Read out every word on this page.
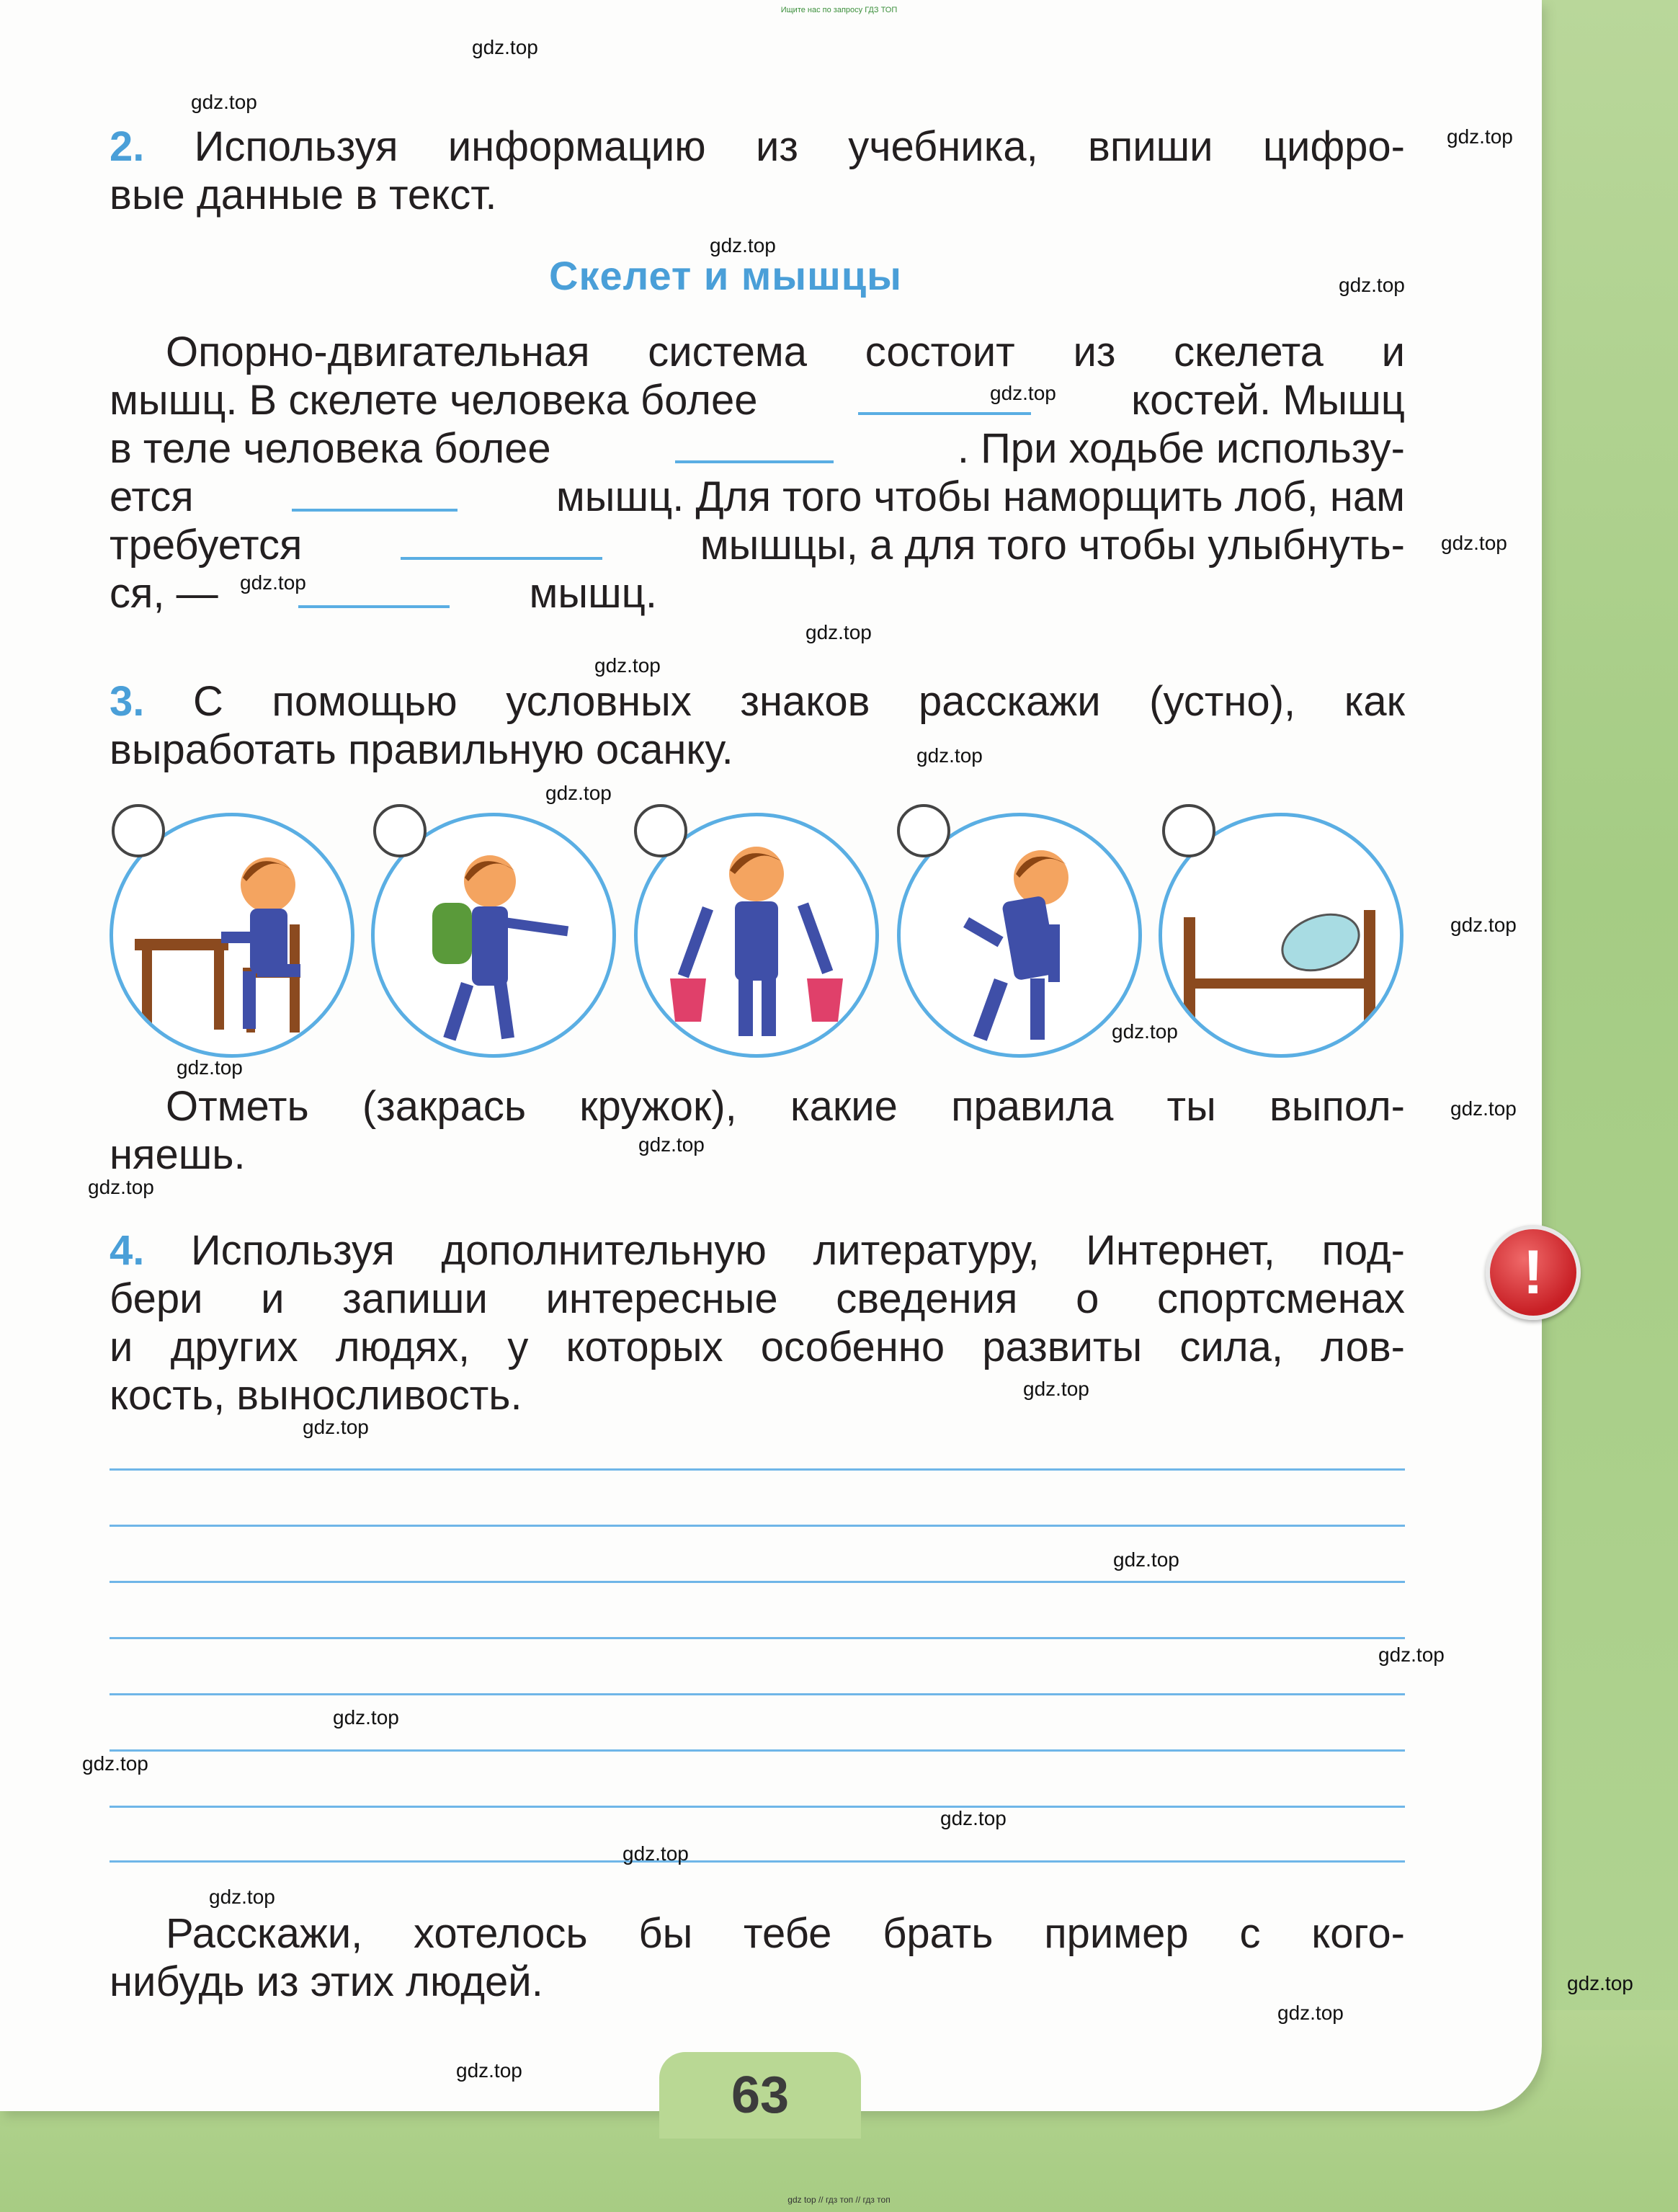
Ищите нас по запросу ГДЗ ТОП
2. Используя информацию из учебника, впиши цифро-
вые данные в текст.
Скелет и мышцы
Опорно-двигательная система состоит из скелета и
мышц. В скелете человека более	костей. Мышц
в теле человека более	. При ходьбе использу-
ется	мышц. Для того чтобы наморщить лоб, нам
требуется	мышцы, а для того чтобы улыбнуть-
ся, —	мышц.
3. С помощью условных знаков расскажи (устно), как
выработать правильную осанку.
Отметь (закрась кружок), какие правила ты выпол-
няешь.
4. Используя дополнительную литературу, Интернет, под-
бери и запиши интересные сведения о спортсменах
и других людях, у которых особенно развиты сила, лов-
кость, выносливость.
Расскажи, хотелось бы тебе брать пример с кого-
нибудь из этих людей.
!
63
gdz.top
gdz.top
gdz.top
gdz.top
gdz.top
gdz.top
gdz.top
gdz.top
gdz.top
gdz.top
gdz.top
gdz.top
gdz.top
gdz.top
gdz.top
gdz.top
gdz.top
gdz.top
gdz.top
gdz.top
gdz.top
gdz.top
gdz.top
gdz.top
gdz.top
gdz.top
gdz.top
gdz.top
gdz.top
gdz.top
gdz top // гдз топ // гдз топ
